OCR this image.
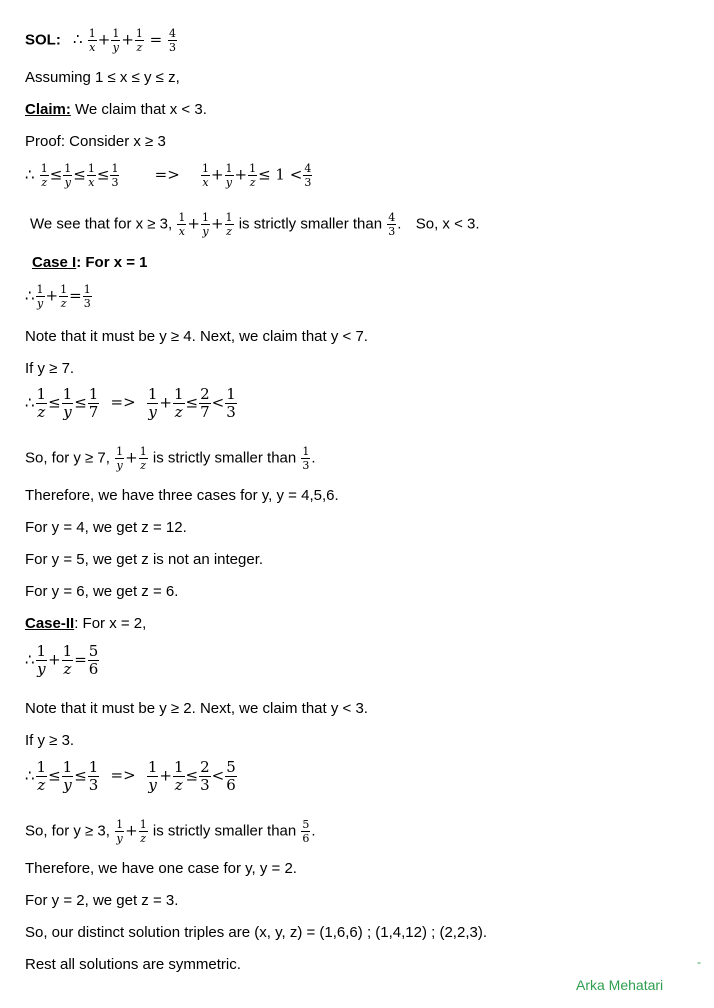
SOL: ∴ $\frac{1}{x} + \frac{1}{y} + \frac{1}{z} = \frac{4}{3}$
Assuming 1 ≤ x ≤ y ≤ z,
Claim: We claim that x < 3.
Proof: Consider x ≥ 3
∴ $\frac{1}{z} \le \frac{1}{y} \le \frac{1}{x} \le \frac{1}{3} => \frac{1}{x} + \frac{1}{y} + \frac{1}{z} \le 1 < \frac{4}{3}$
We see that for x ≥ 3, $\frac{1}{x} + \frac{1}{y} + \frac{1}{z}$ is strictly smaller than $\frac{4}{3}$ .  So, x < 3.
Case I: For x = 1
∴ $\frac{1}{y} + \frac{1}{z} = \frac{1}{3}$
Note that it must be y ≥ 4. Next, we claim that y < 7.
If y ≥ 7.
∴ $\frac{1}{z} \le \frac{1}{y} \le \frac{1}{7} => \frac{1}{y} + \frac{1}{z} \le \frac{2}{7} < \frac{1}{3}$
So, for y ≥ 7, $\frac{1}{y} + \frac{1}{z}$ is strictly smaller than $\frac{1}{3}$ .
Therefore, we have three cases for y, y = 4,5,6.
For y = 4, we get z = 12.
For y = 5, we get z is not an integer.
For y = 6, we get z = 6.
Case-II: For x = 2,
∴ $\frac{1}{y} + \frac{1}{z} = \frac{5}{6}$
Note that it must be y ≥ 2. Next, we claim that y < 3.
If y ≥ 3.
∴ $\frac{1}{z} \le \frac{1}{y} \le \frac{1}{3} => \frac{1}{y} + \frac{1}{z} \le \frac{2}{3} < \frac{5}{6}$
So, for y ≥ 3, $\frac{1}{y} + \frac{1}{z}$ is strictly smaller than $\frac{5}{6}$ .
Therefore, we have one case for y, y = 2.
For y = 2, we get z = 3.
So, our distinct solution triples are (x, y, z) = (1,6,6) ; (1,4,12) ; (2,2,3).
Rest all solutions are symmetric.	-
Arka Mehatari
